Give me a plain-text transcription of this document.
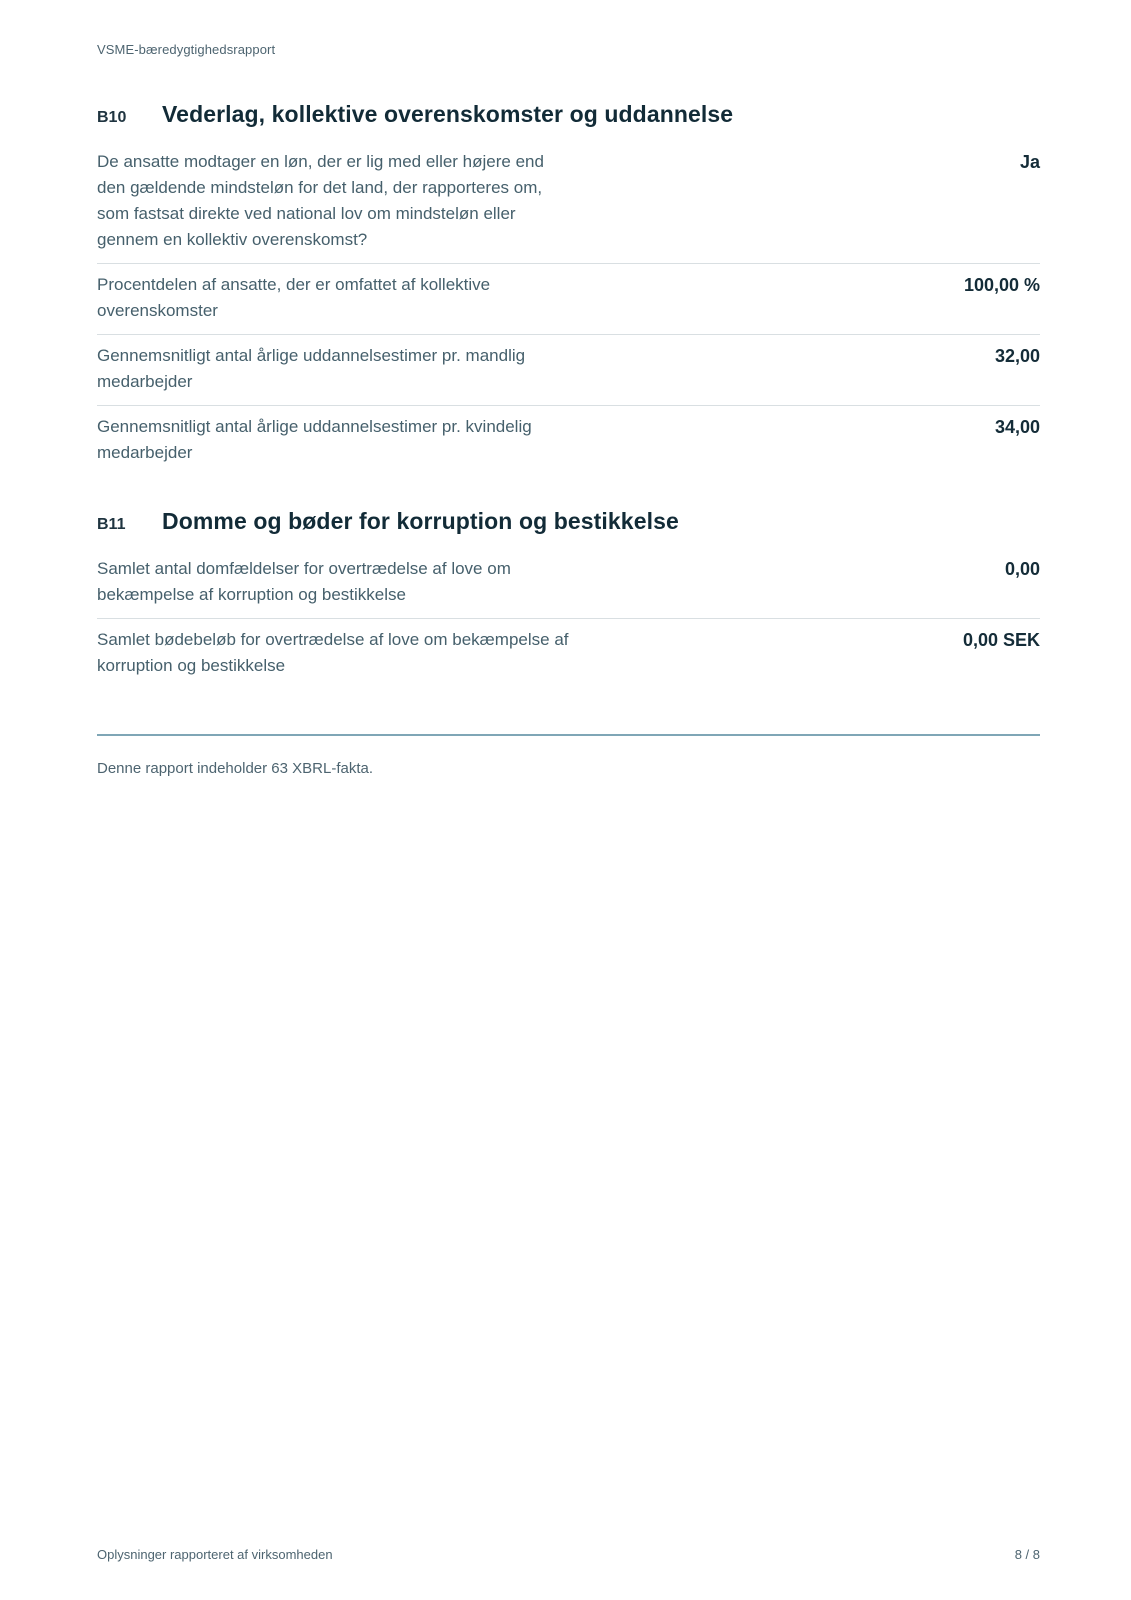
VSME-bæredygtighedsrapport
B10	Vederlag, kollektive overenskomster og uddannelse
De ansatte modtager en løn, der er lig med eller højere end den gældende mindsteløn for det land, der rapporteres om, som fastsat direkte ved national lov om mindsteløn eller gennem en kollektiv overenskomst?
Ja
Procentdelen af ansatte, der er omfattet af kollektive overenskomster
100,00 %
Gennemsnitligt antal årlige uddannelsestimer pr. mandlig medarbejder
32,00
Gennemsnitligt antal årlige uddannelsestimer pr. kvindelig medarbejder
34,00
B11	Domme og bøder for korruption og bestikkelse
Samlet antal domfældelser for overtrædelse af love om bekæmpelse af korruption og bestikkelse
0,00
Samlet bødebeløb for overtrædelse af love om bekæmpelse af korruption og bestikkelse
0,00 SEK
Denne rapport indeholder 63 XBRL-fakta.
Oplysninger rapporteret af virksomheden	8 / 8
